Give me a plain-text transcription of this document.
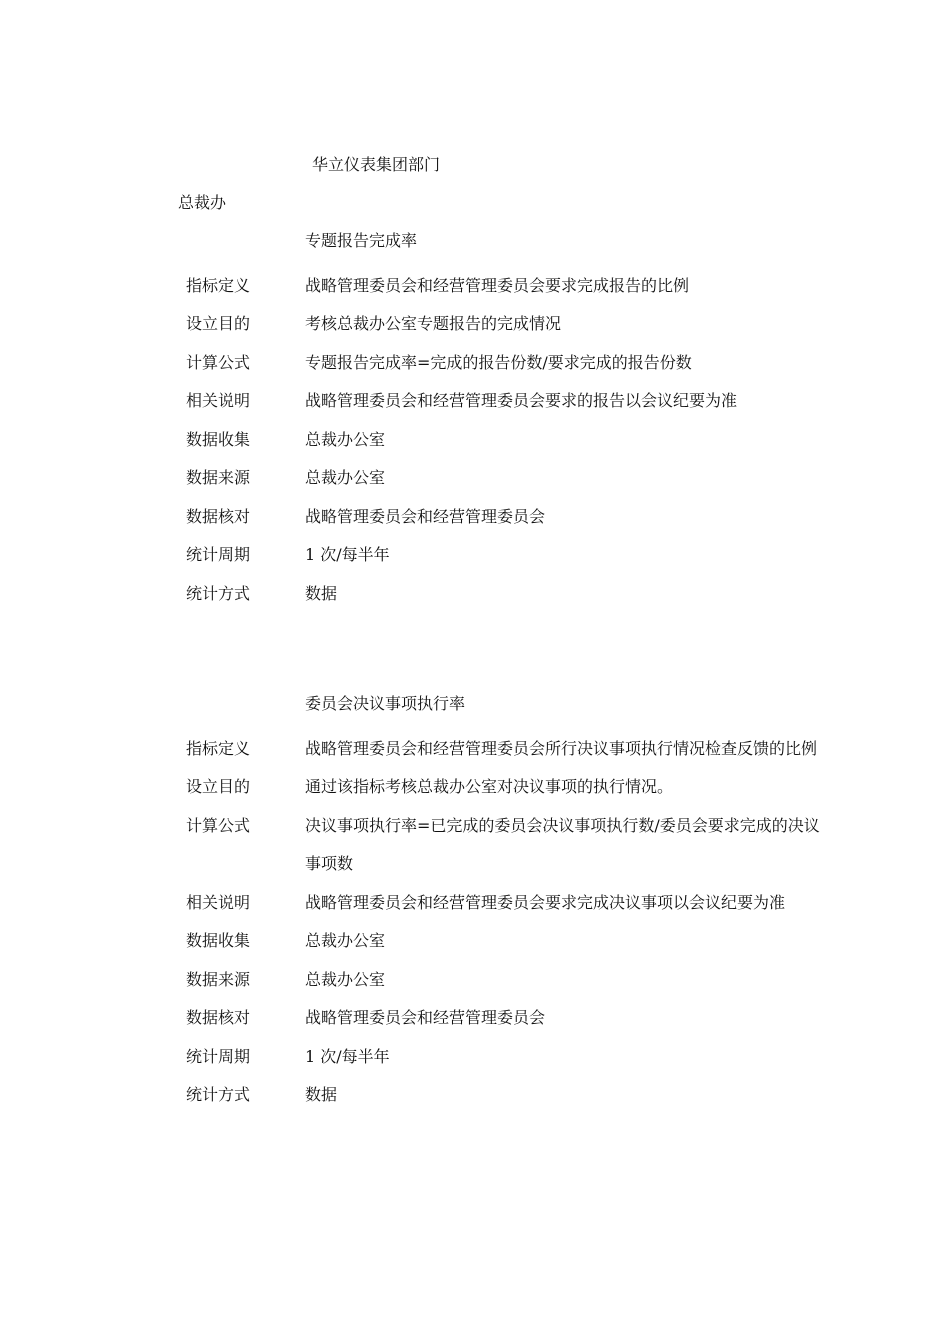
华立仪表集团部门
总裁办
专题报告完成率
指标定义	战略管理委员会和经营管理委员会要求完成报告的比例
设立目的	考核总裁办公室专题报告的完成情况
计算公式	专题报告完成率=完成的报告份数/要求完成的报告份数
相关说明	战略管理委员会和经营管理委员会要求的报告以会议纪要为准
数据收集	总裁办公室
数据来源	总裁办公室
数据核对	战略管理委员会和经营管理委员会
统计周期	1 次/每半年
统计方式	数据
委员会决议事项执行率
指标定义	战略管理委员会和经营管理委员会所行决议事项执行情况检查反馈的比例
设立目的	通过该指标考核总裁办公室对决议事项的执行情况。
计算公式	决议事项执行率=已完成的委员会决议事项执行数/委员会要求完成的决议事项数
相关说明	战略管理委员会和经营管理委员会要求完成决议事项以会议纪要为准
数据收集	总裁办公室
数据来源	总裁办公室
数据核对	战略管理委员会和经营管理委员会
统计周期	1 次/每半年
统计方式	数据
